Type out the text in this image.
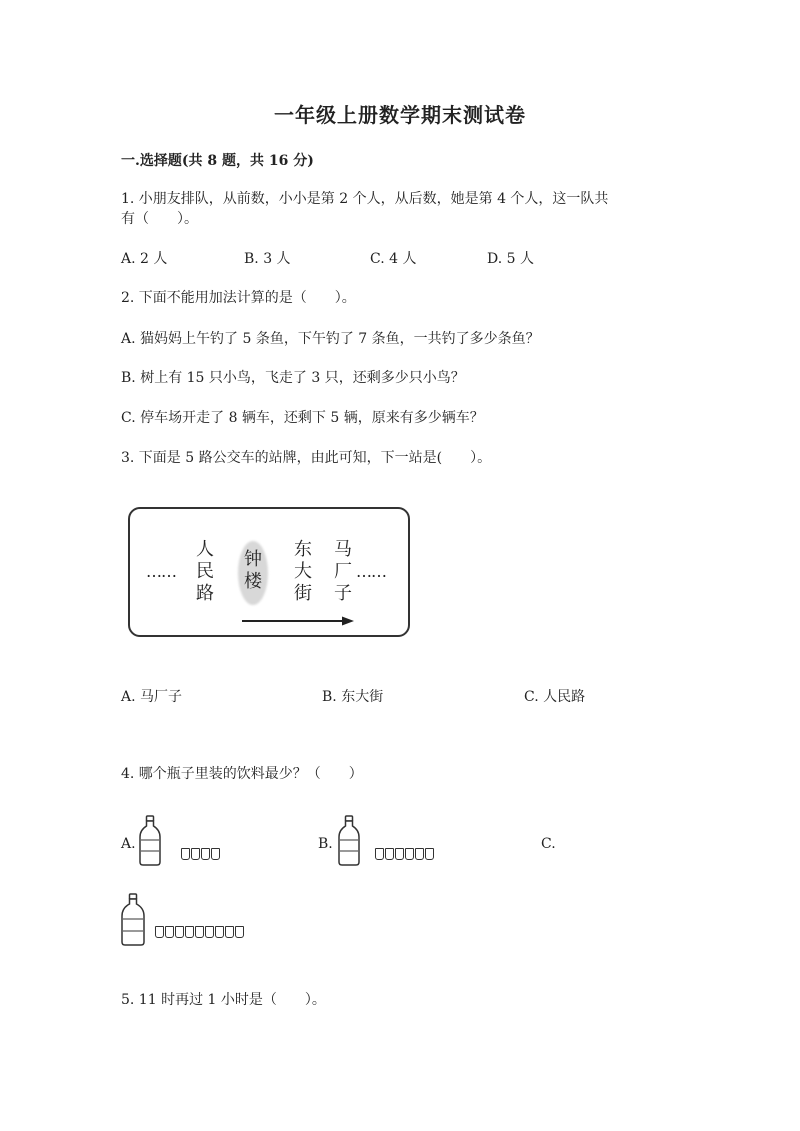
一年级上册数学期末测试卷
一.选择题(共 8 题，共 16 分)
1. 小朋友排队，从前数，小小是第 2 个人，从后数，她是第 4 个人，这一队共
有（　　）。
A. 2 人	B. 3 人	C. 4 人	D. 5 人
2. 下面不能用加法计算的是（　　）。
A. 猫妈妈上午钓了 5 条鱼，下午钓了 7 条鱼，一共钓了多少条鱼？
B. 树上有 15 只小鸟，飞走了 3 只，还剩多少只小鸟？
C. 停车场开走了 8 辆车，还剩下 5 辆，原来有多少辆车？
3. 下面是 5 路公交车的站牌，由此可知，下一站是(　　）。
……
人
民
路
钟
楼
东
大
街
马
厂
子
……
A. 马厂子	B. 东大街	C. 人民路
4. 哪个瓶子里装的饮料最少？（　　）
A.	B.	C.
5. 11 时再过 1 小时是（　　）。
